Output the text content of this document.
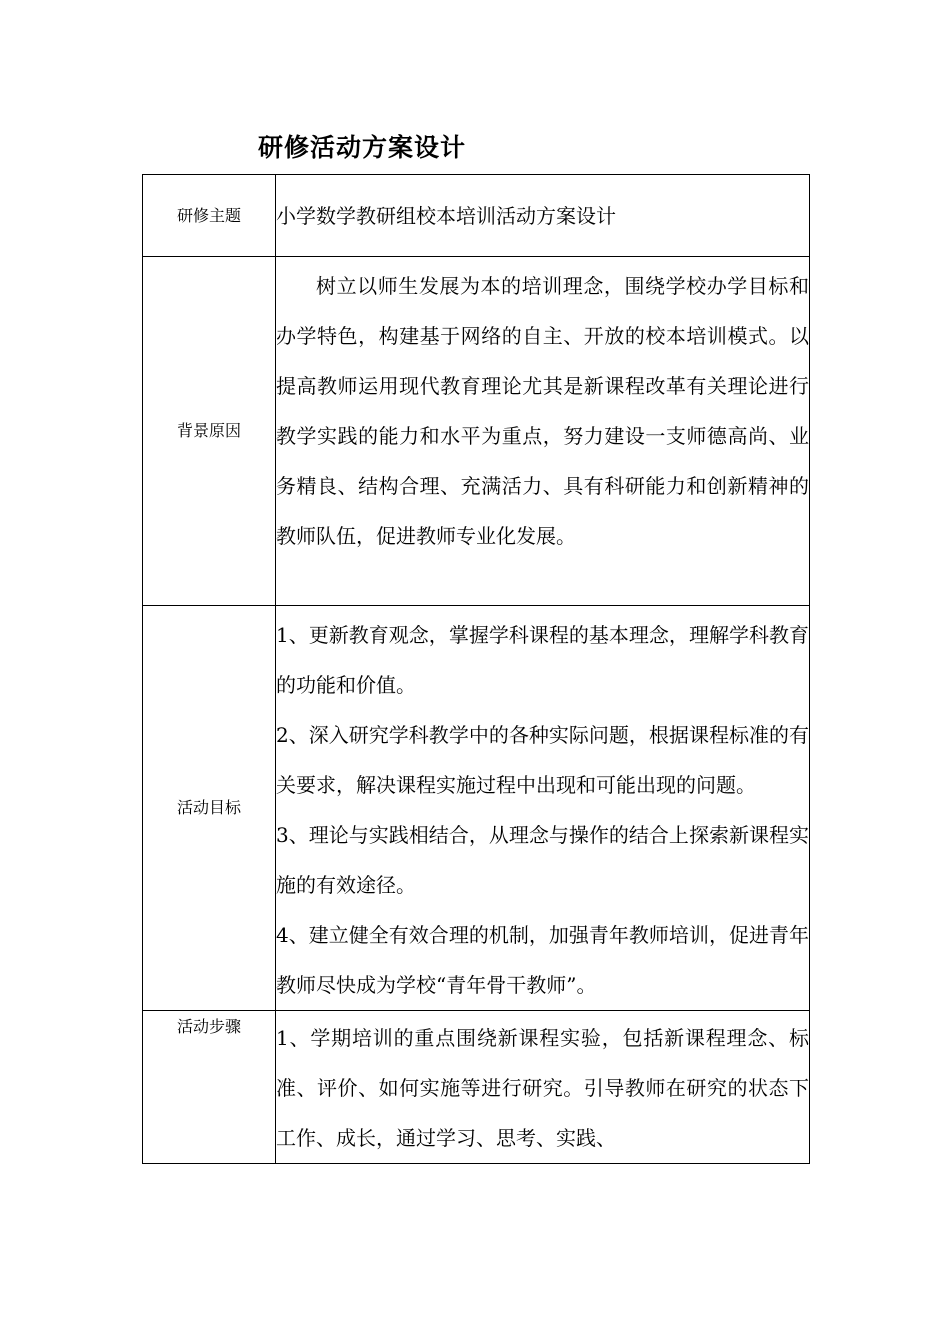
研修活动方案设计
研修主题	小学数学教研组校本培训活动方案设计
背景原因	树立以师生发展为本的培训理念，围绕学校办学目标和办学特色，构建基于网络的自主、开放的校本培训模式。以提高教师运用现代教育理论尤其是新课程改革有关理论进行教学实践的能力和水平为重点，努力建设一支师德高尚、业务精良、结构合理、充满活力、具有科研能力和创新精神的教师队伍，促进教师专业化发展。

活动目标	1、更新教育观念，掌握学科课程的基本理念，理解学科教育的功能和价值。

2、深入研究学科教学中的各种实际问题，根据课程标准的有关要求，解决课程实施过程中出现和可能出现的问题。

3、理论与实践相结合，从理念与操作的结合上探索新课程实施的有效途径。

4、建立健全有效合理的机制，加强青年教师培训，促进青年教师尽快成为学校“青年骨干教师”。

活动步骤	1、学期培训的重点围绕新课程实验，包括新课程理念、标准、评价、如何实施等进行研究。引导教师在研究的状态下工作、成长，通过学习、思考、实践、
